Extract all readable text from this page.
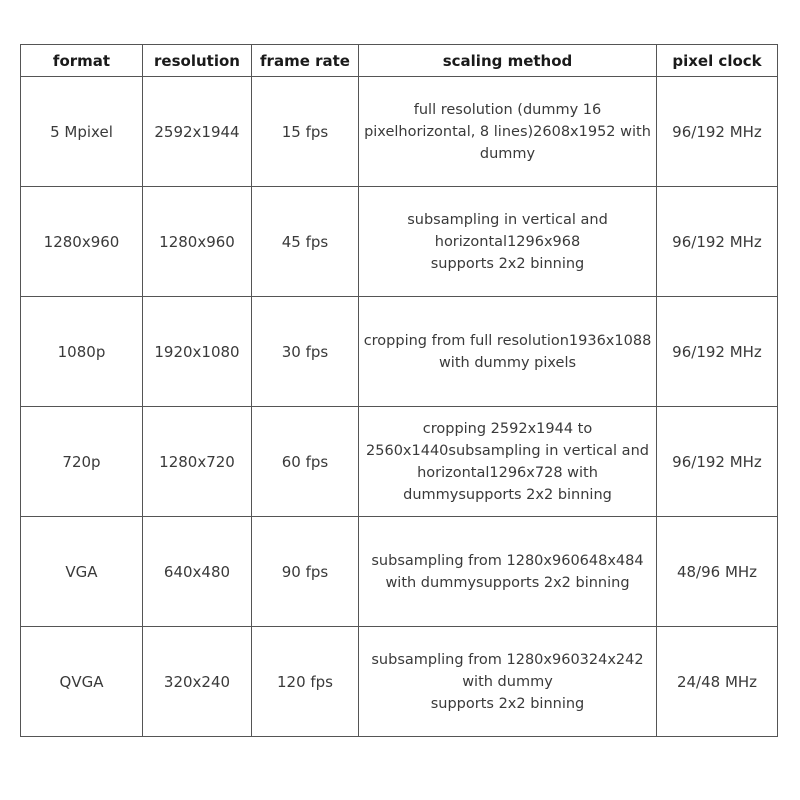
format	resolution	frame rate	scaling method	pixel clock
5 Mpixel	2592x1944	15 fps	full resolution (dummy 16
pixelhorizontal, 8 lines)2608x1952 with
dummy	96/192 MHz
1280x960	1280x960	45 fps	subsampling in vertical and
horizontal1296x968
supports 2x2 binning	96/192 MHz
1080p	1920x1080	30 fps	cropping from full resolution1936x1088
with dummy pixels	96/192 MHz
720p	1280x720	60 fps	cropping 2592x1944 to
2560x1440subsampling in vertical and
horizontal1296x728 with
dummysupports 2x2 binning	96/192 MHz
VGA	640x480	90 fps	subsampling from 1280x960648x484
with dummysupports 2x2 binning	48/96 MHz
QVGA	320x240	120 fps	subsampling from 1280x960324x242
with dummy
supports 2x2 binning	24/48 MHz
